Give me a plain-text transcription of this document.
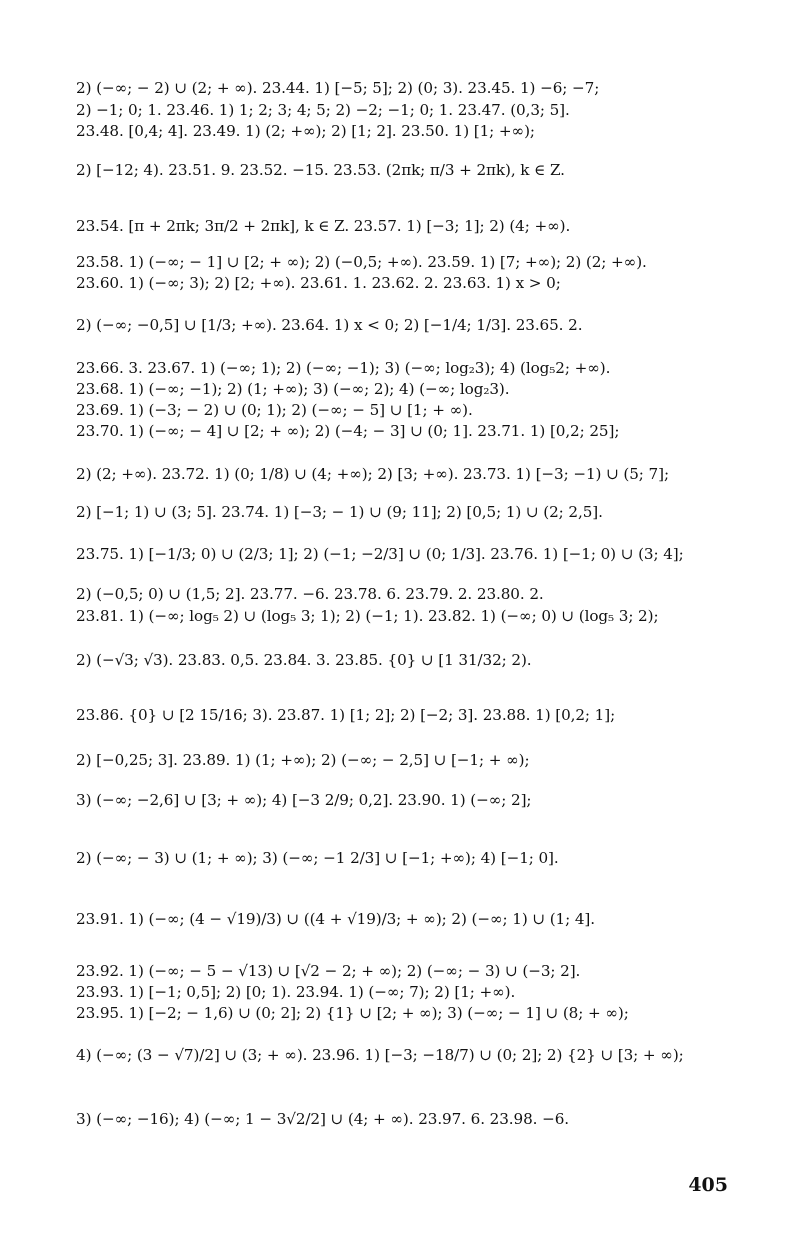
2) (−∞; − 2) ∪ (2; + ∞). 23.44. 1) [−5; 5]; 2) (0; 3). 23.45. 1) −6; −7;
2) −1; 0; 1. 23.46. 1) 1; 2; 3; 4; 5; 2) −2; −1; 0; 1. 23.47. (0,3; 5].
23.48. [0,4; 4]. 23.49. 1) (2; +∞); 2) [1; 2]. 23.50. 1) [1; +∞);
2) [−12; 4). 23.51. 9. 23.52. −15. 23.53. (2πk; π/3 + 2πk), k ∈ Z.
23.54. [π + 2πk; 3π/2 + 2πk], k ∈ Z. 23.57. 1) [−3; 1]; 2) (4; +∞).
23.58. 1) (−∞; − 1] ∪ [2; + ∞); 2) (−0,5; +∞). 23.59. 1) [7; +∞); 2) (2; +∞).
23.60. 1) (−∞; 3); 2) [2; +∞). 23.61. 1. 23.62. 2. 23.63. 1) x > 0;
2) (−∞; −0,5] ∪ [1/3; +∞). 23.64. 1) x < 0; 2) [−1/4; 1/3]. 23.65. 2.
23.66. 3. 23.67. 1) (−∞; 1); 2) (−∞; −1); 3) (−∞; log₂3); 4) (log₅2; +∞).
23.68. 1) (−∞; −1); 2) (1; +∞); 3) (−∞; 2); 4) (−∞; log₂3).
23.69. 1) (−3; − 2) ∪ (0; 1); 2) (−∞; − 5] ∪ [1; + ∞).
23.70. 1) (−∞; − 4] ∪ [2; + ∞); 2) (−4; − 3] ∪ (0; 1]. 23.71. 1) [0,2; 25];
2) (2; +∞). 23.72. 1) (0; 1/8) ∪ (4; +∞); 2) [3; +∞). 23.73. 1) [−3; −1) ∪ (5; 7];
2) [−1; 1) ∪ (3; 5]. 23.74. 1) [−3; − 1) ∪ (9; 11]; 2) [0,5; 1) ∪ (2; 2,5].
23.75. 1) [−1/3; 0) ∪ (2/3; 1]; 2) (−1; −2/3] ∪ (0; 1/3]. 23.76. 1) [−1; 0) ∪ (3; 4];
2) (−0,5; 0) ∪ (1,5; 2]. 23.77. −6. 23.78. 6. 23.79. 2. 23.80. 2.
23.81. 1) (−∞; log₅ 2) ∪ (log₅ 3; 1); 2) (−1; 1). 23.82. 1) (−∞; 0) ∪ (log₅ 3; 2);
2) (−√3; √3). 23.83. 0,5. 23.84. 3. 23.85. {0} ∪ [1 31/32; 2).
23.86. {0} ∪ [2 15/16; 3). 23.87. 1) [1; 2]; 2) [−2; 3]. 23.88. 1) [0,2; 1];
2) [−0,25; 3]. 23.89. 1) (1; +∞); 2) (−∞; − 2,5] ∪ [−1; + ∞);
3) (−∞; −2,6] ∪ [3; + ∞); 4) [−3 2/9; 0,2]. 23.90. 1) (−∞; 2];
2) (−∞; − 3) ∪ (1; + ∞); 3) (−∞; −1 2/3] ∪ [−1; +∞); 4) [−1; 0].
23.91. 1) (−∞; (4 − √19)/3) ∪ ((4 + √19)/3; + ∞); 2) (−∞; 1) ∪ (1; 4].
23.92. 1) (−∞; − 5 − √13) ∪ [√2 − 2; + ∞); 2) (−∞; − 3) ∪ (−3; 2].
23.93. 1) [−1; 0,5]; 2) [0; 1). 23.94. 1) (−∞; 7); 2) [1; +∞).
23.95. 1) [−2; − 1,6) ∪ (0; 2]; 2) {1} ∪ [2; + ∞); 3) (−∞; − 1] ∪ (8; + ∞);
4) (−∞; (3 − √7)/2] ∪ (3; + ∞). 23.96. 1) [−3; −18/7) ∪ (0; 2]; 2) {2} ∪ [3; + ∞);
3) (−∞; −16); 4) (−∞; 1 − 3√2/2] ∪ (4; + ∞). 23.97. 6. 23.98. −6.
405
